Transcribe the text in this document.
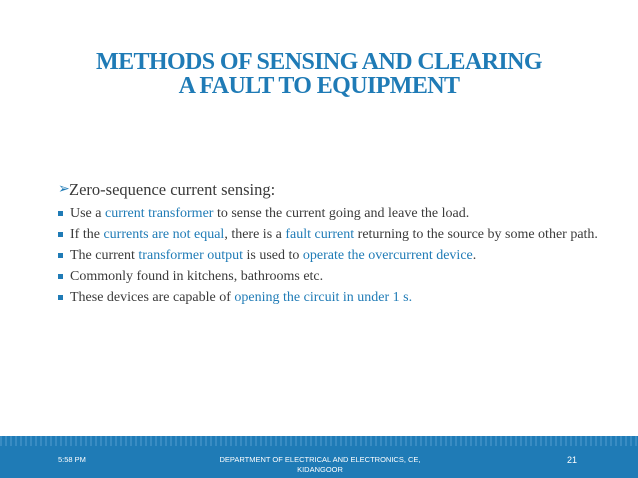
METHODS OF SENSING AND CLEARING
A FAULT TO EQUIPMENT
➢ Zero-sequence current sensing:
Use a current transformer to sense the current going and leave the load.
If the currents are not equal, there is a fault current returning to the source by some other path.
The current transformer output is used to operate the overcurrent device.
Commonly found in kitchens, bathrooms etc.
These devices are capable of opening the circuit in under 1 s.
5:58 PM	DEPARTMENT OF ELECTRICAL AND ELECTRONICS, CE, KIDANGOOR
21
